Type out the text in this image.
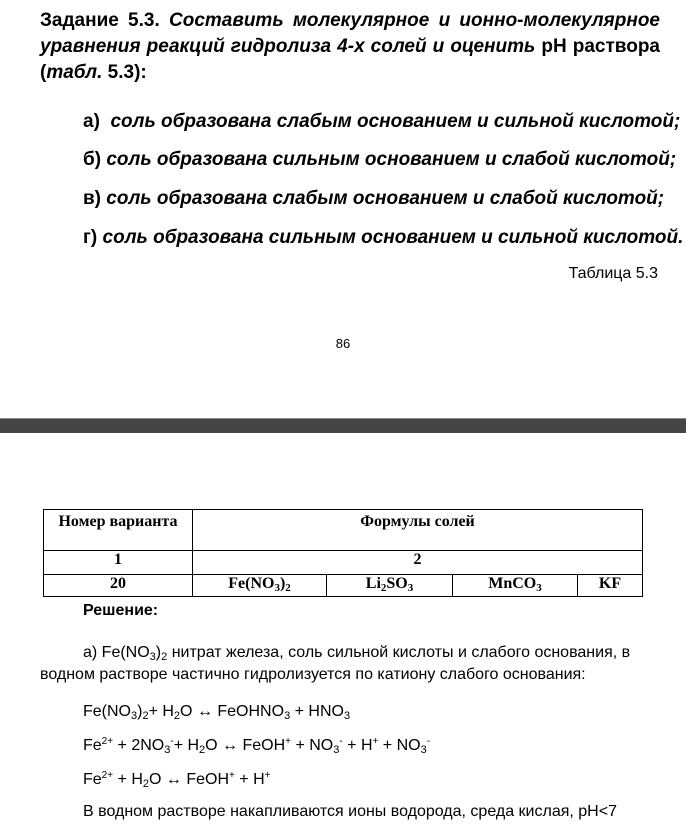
Задание 5.3. Составить молекулярное и ионно-молекулярное уравнения реакций гидролиза 4-х солей и оценить pH раствора (табл. 5.3):
а) соль образована слабым основанием и сильной кислотой;
б) соль образована сильным основанием и слабой кислотой;
в) соль образована слабым основанием и слабой кислотой;
г) соль образована сильным основанием и сильной кислотой.
Таблица 5.3
86
Номер варианта	Формулы солей			
1	2			
20	$Fe(NO_3)_2$	$Li_2SO_3$	MnCO$_3$	KF
Решение:
а) $Fe(NO_3)_2$ нитрат железа, соль сильной кислоты и слабого основания, в водном растворе частично гидролизуется по катиону слабого основания:
$Fe(NO_3)_2+ H_2O$ ↔ FeOHNO$_3$ + $HNO_3$
$Fe^{2+} + 2NO_3^-+ H_2O$ ↔ FeOH+ + $NO_3^- + H^+ + NO_3^-$
$Fe^{2+} + H_2O$ ↔ FeOH+ + H+
В водном растворе накапливаются ионы водорода, среда кислая, pH<7
